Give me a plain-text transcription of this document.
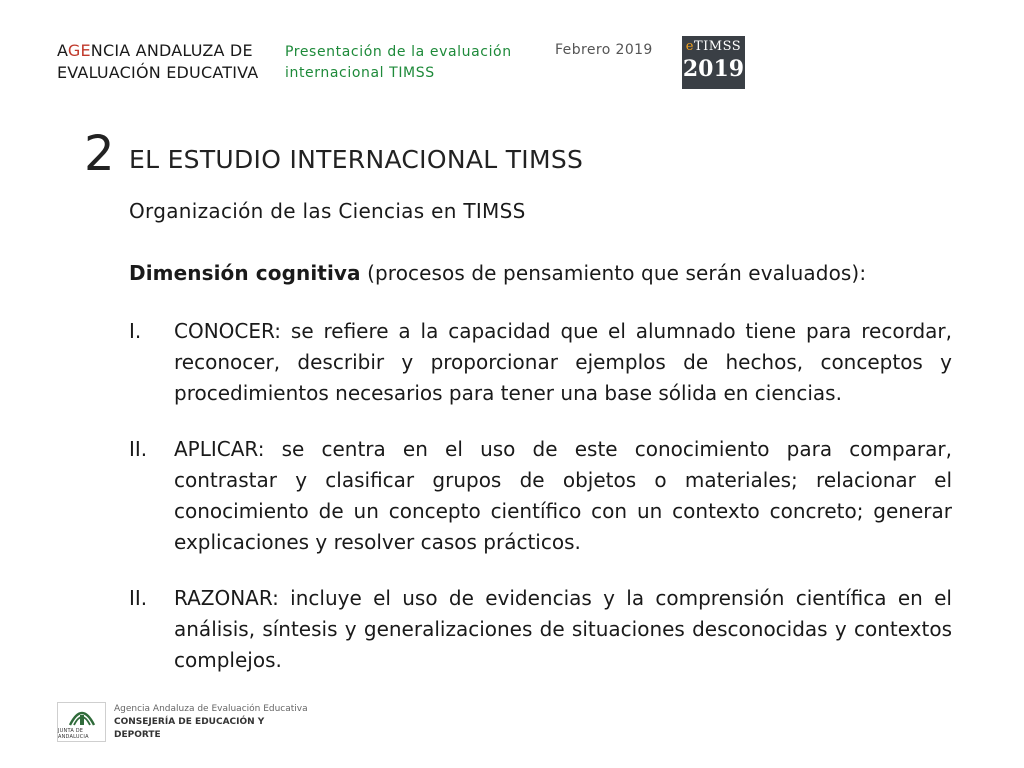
AGENCIA ANDALUZA DE
EVALUACIÓN EDUCATIVA
Presentación de la evaluación
internacional TIMSS
Febrero 2019	eTIMSS
2019
2 EL ESTUDIO INTERNACIONAL TIMSS
Organización de las Ciencias en TIMSS
Dimensión cognitiva (procesos de pensamiento que serán evaluados):
I.	CONOCER: se refiere a la capacidad que el alumnado tiene para recordar, reconocer, describir y proporcionar ejemplos de hechos, conceptos y procedimientos necesarios para tener una base sólida en ciencias.
II.	APLICAR: se centra en el uso de este conocimiento para comparar, contrastar y clasificar grupos de objetos o materiales; relacionar el conocimiento de un concepto científico con un contexto concreto; generar explicaciones y resolver casos prácticos.
II.	RAZONAR: incluye el uso de evidencias y la comprensión científica en el análisis, síntesis y generalizaciones de situaciones desconocidas y contextos complejos.
JUNTA DE ANDALUCIA
Agencia Andaluza de Evaluación Educativa
CONSEJERÍA DE EDUCACIÓN Y DEPORTE
